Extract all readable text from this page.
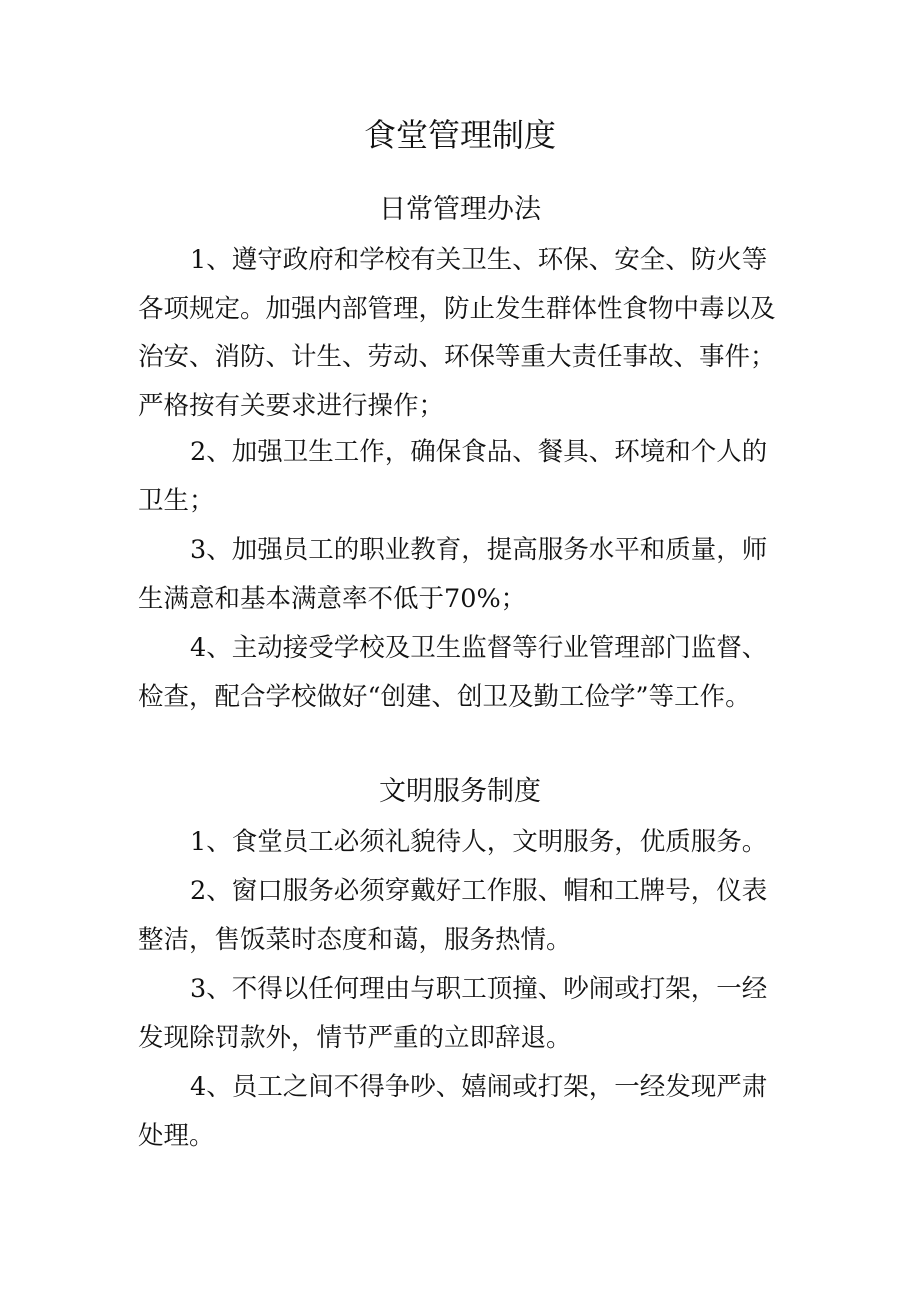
食堂管理制度
日常管理办法

1、遵守政府和学校有关卫生、环保、安全、防火等
各项规定。加强内部管理，防止发生群体性食物中毒以及
治安、消防、计生、劳动、环保等重大责任事故、事件；
严格按有关要求进行操作；

2、加强卫生工作，确保食品、餐具、环境和个人的
卫生；

3、加强员工的职业教育，提高服务水平和质量，师
生满意和基本满意率不低于70%；

4、主动接受学校及卫生监督等行业管理部门监督、
检查，配合学校做好“创建、创卫及勤工俭学”等工作。

文明服务制度

1、食堂员工必须礼貌待人，文明服务，优质服务。

2、窗口服务必须穿戴好工作服、帽和工牌号，仪表
整洁，售饭菜时态度和蔼，服务热情。

3、不得以任何理由与职工顶撞、吵闹或打架，一经
发现除罚款外，情节严重的立即辞退。

4、员工之间不得争吵、嬉闹或打架，一经发现严肃
处理。
